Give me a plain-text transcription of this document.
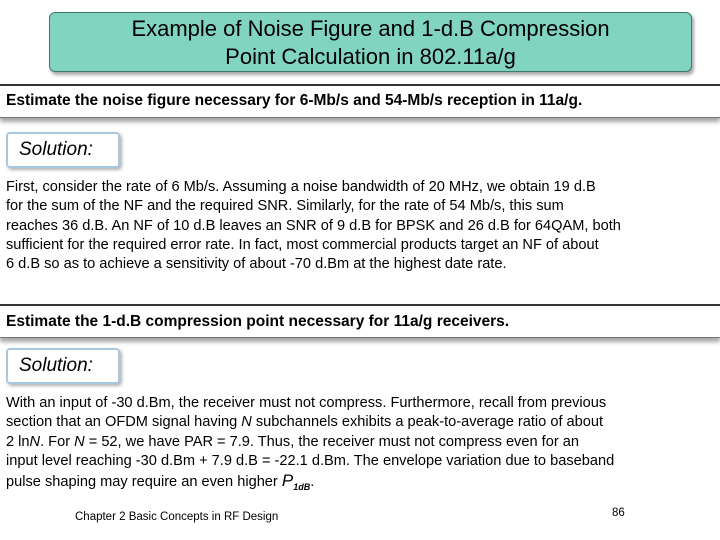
Example of Noise Figure and 1-d.B Compression
Point Calculation in 802.11a/g
Estimate the noise figure necessary for 6-Mb/s and 54-Mb/s reception in 11a/g.
Solution:
First, consider the rate of 6 Mb/s. Assuming a noise bandwidth of 20 MHz, we obtain 19 d.B
for the sum of the NF and the required SNR. Similarly, for the rate of 54 Mb/s, this sum
reaches 36 d.B. An NF of 10 d.B leaves an SNR of 9 d.B for BPSK and 26 d.B for 64QAM, both
sufficient for the required error rate. In fact, most commercial products target an NF of about
6 d.B so as to achieve a sensitivity of about -70 d.Bm at the highest date rate.
Estimate the 1-d.B compression point necessary for 11a/g receivers.
Solution:
With an input of -30 d.Bm, the receiver must not compress. Furthermore, recall from previous
section that an OFDM signal having N subchannels exhibits a peak-to-average ratio of about
2 lnN. For N = 52, we have PAR = 7.9. Thus, the receiver must not compress even for an
input level reaching -30 d.Bm + 7.9 d.B = -22.1 d.Bm. The envelope variation due to baseband
pulse shaping may require an even higher $P_{1dB}$.
Chapter 2 Basic Concepts in RF Design	86
